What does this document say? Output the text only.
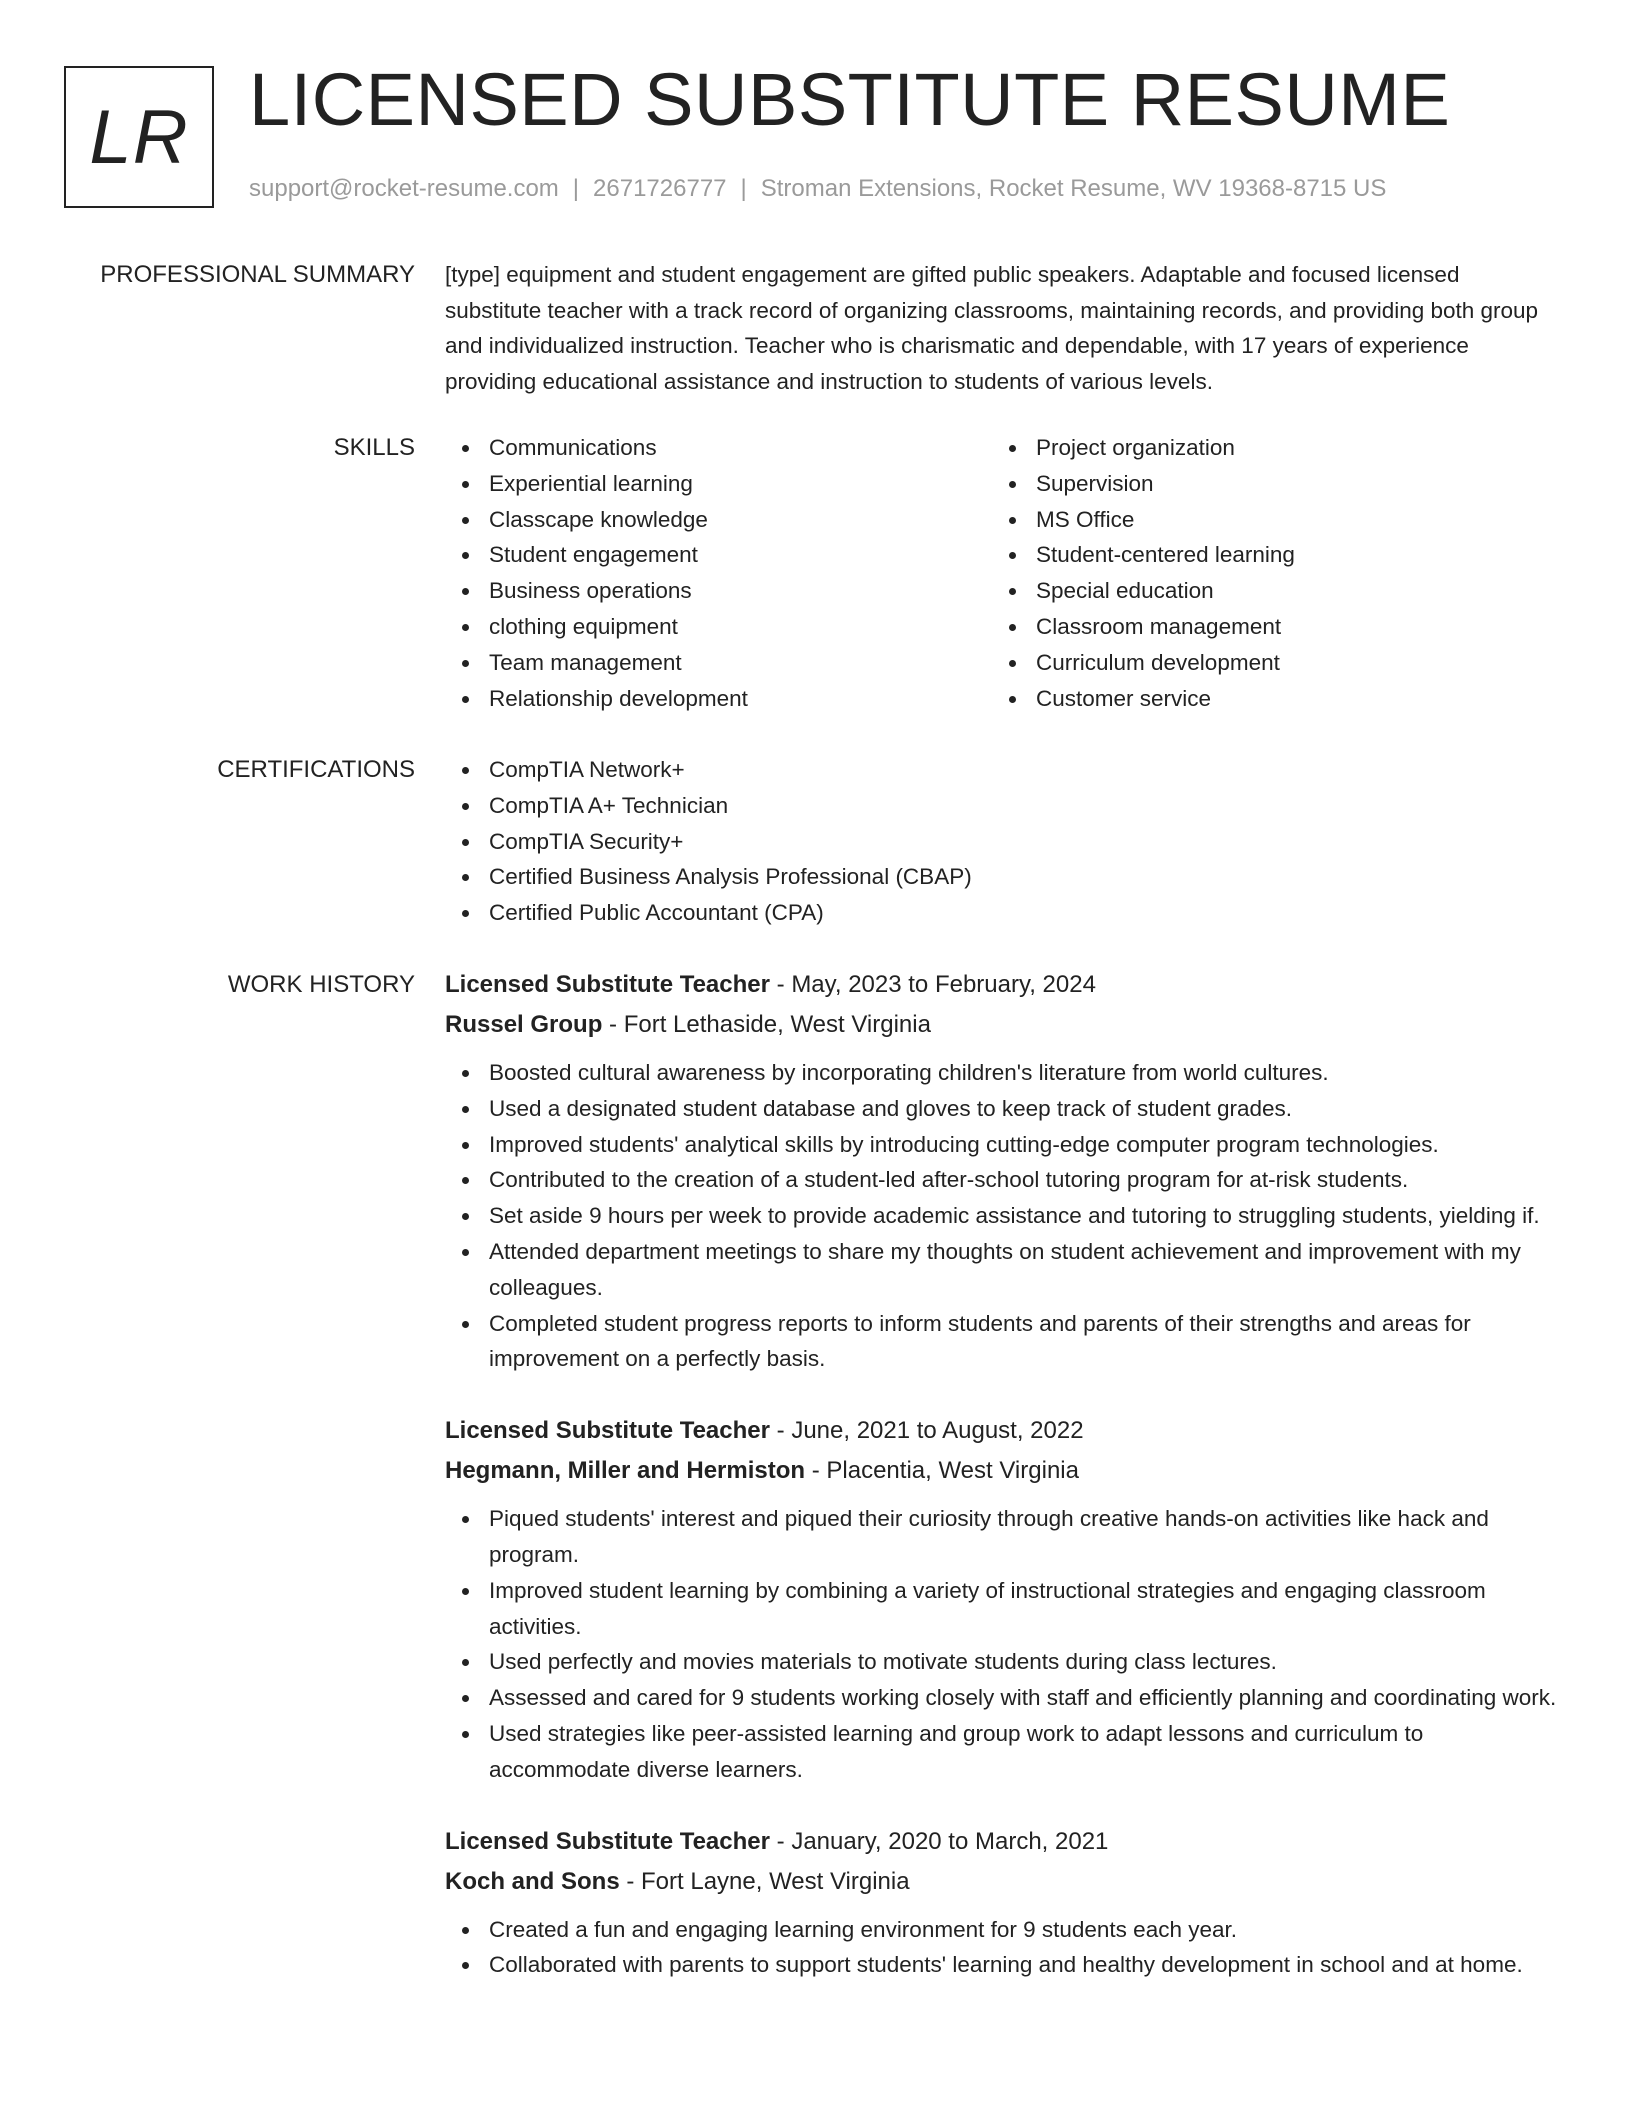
LR LICENSED SUBSTITUTE RESUME
support@rocket-resume.com | 2671726777 | Stroman Extensions, Rocket Resume, WV 19368-8715 US
PROFESSIONAL SUMMARY [type] equipment and student engagement are gifted public speakers. Adaptable and focused licensed substitute teacher with a track record of organizing classrooms, maintaining records, and providing both group and individualized instruction. Teacher who is charismatic and dependable, with 17 years of experience providing educational assistance and instruction to students of various levels.

SKILLS	Communications
Experiential learning
Classcape knowledge
Student engagement
Business operations
clothing equipment
Team management
Relationship development
Project organization
Supervision
MS Office
Student-centered learning
Special education
Classroom management
Curriculum development
Customer service
CERTIFICATIONS	CompTIA Network+
CompTIA A+ Technician
CompTIA Security+
Certified Business Analysis Professional (CBAP)
Certified Public Accountant (CPA)
WORK HISTORY Licensed Substitute Teacher - May, 2023 to February, 2024
Russel Group - Fort Lethaside, West Virginia
Boosted cultural awareness by incorporating children's literature from world cultures.
Used a designated student database and gloves to keep track of student grades.
Improved students' analytical skills by introducing cutting-edge computer program technologies.
Contributed to the creation of a student-led after-school tutoring program for at-risk students.
Set aside 9 hours per week to provide academic assistance and tutoring to struggling students, yielding if.
Attended department meetings to share my thoughts on student achievement and improvement with my colleagues.
Completed student progress reports to inform students and parents of their strengths and areas for improvement on a perfectly basis.
Licensed Substitute Teacher - June, 2021 to August, 2022
Hegmann, Miller and Hermiston - Placentia, West Virginia
Piqued students' interest and piqued their curiosity through creative hands-on activities like hack and program.
Improved student learning by combining a variety of instructional strategies and engaging classroom activities.
Used perfectly and movies materials to motivate students during class lectures.
Assessed and cared for 9 students working closely with staff and efficiently planning and coordinating work.
Used strategies like peer-assisted learning and group work to adapt lessons and curriculum to accommodate diverse learners.
Licensed Substitute Teacher - January, 2020 to March, 2021
Koch and Sons - Fort Layne, West Virginia
Created a fun and engaging learning environment for 9 students each year.
Collaborated with parents to support students' learning and healthy development in school and at home.
